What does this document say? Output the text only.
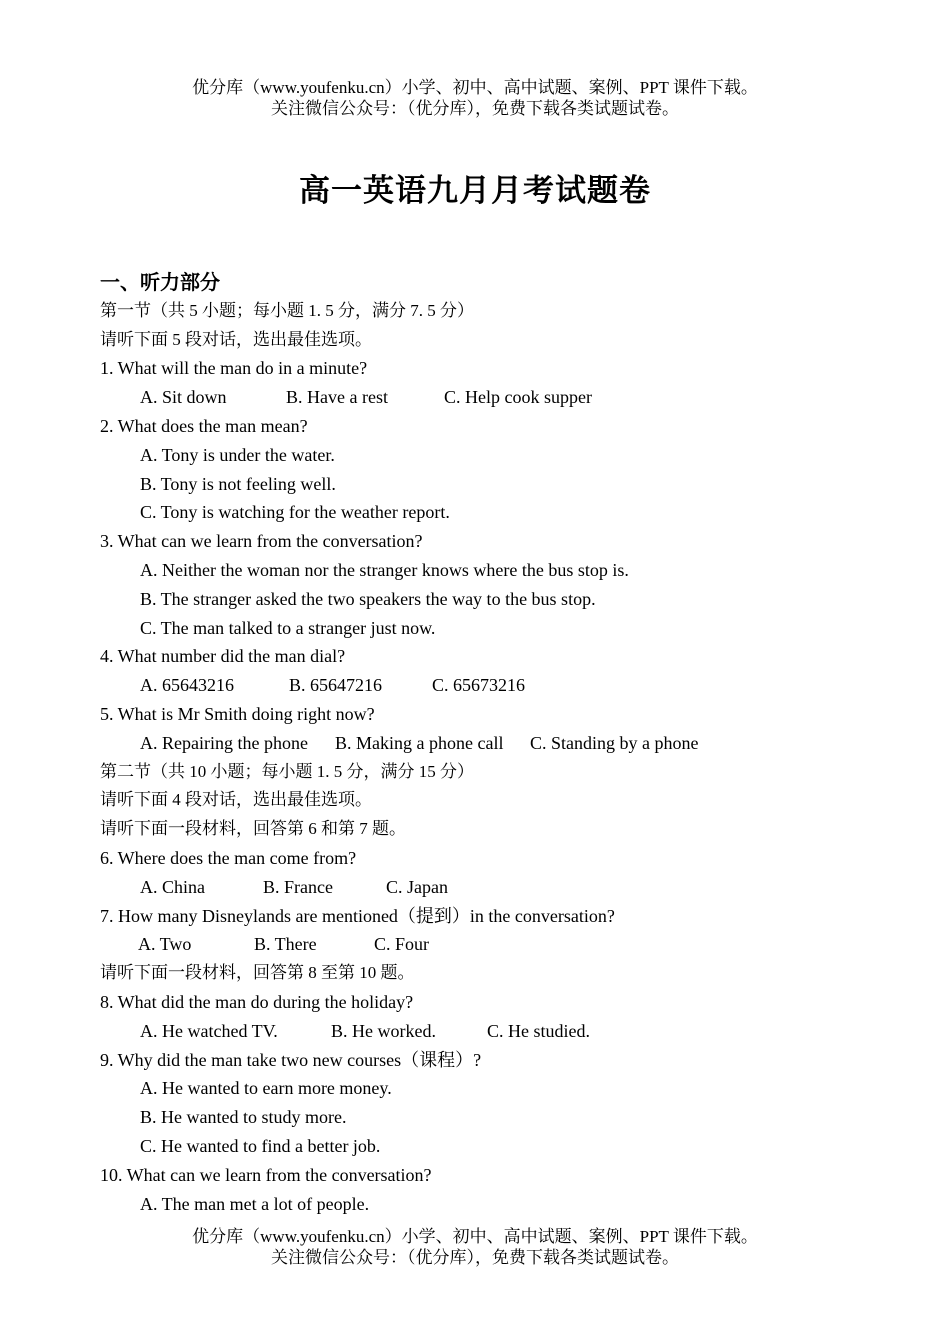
优分库（www.youfenku.cn）小学、初中、高中试题、案例、PPT 课件下载。
关注微信公众号：（优分库），免费下载各类试题试卷。
高一英语九月月考试题卷
一、听力部分
第一节（共 5 小题；每小题 1. 5 分，满分 7. 5 分）
请听下面 5 段对话，选出最佳选项。
1. What will the man do in a minute?
A. Sit down	B. Have a rest	C. Help cook supper
2. What does the man mean?
A. Tony is under the water.
B. Tony is not feeling well.
C. Tony is watching for the weather report.
3. What can we learn from the conversation?
A. Neither the woman nor the stranger knows where the bus stop is.
B. The stranger asked the two speakers the way to the bus stop.
C. The man talked to a stranger just now.
4. What number did the man dial?
A. 65643216	B. 65647216	C. 65673216
5. What is Mr Smith doing right now?
A. Repairing the phone B. Making a phone call C. Standing by a phone
第二节（共 10 小题；每小题 1. 5 分，满分 15 分）
请听下面 4 段对话，选出最佳选项。
请听下面一段材料，回答第 6 和第 7 题。
6. Where does the man come from?
A. China	B. France	C. Japan
7. How many Disneylands are mentioned（提到）in the conversation?
A. Two	B. There	C. Four
请听下面一段材料，回答第 8 至第 10 题。
8. What did the man do during the holiday?
A. He watched TV.	B. He worked.	C. He studied.
9. Why did the man take two new courses（课程）?
A. He wanted to earn more money.
B. He wanted to study more.
C. He wanted to find a better job.
10. What can we learn from the conversation?
A. The man met a lot of people.
优分库（www.youfenku.cn）小学、初中、高中试题、案例、PPT 课件下载。
关注微信公众号：（优分库），免费下载各类试题试卷。
